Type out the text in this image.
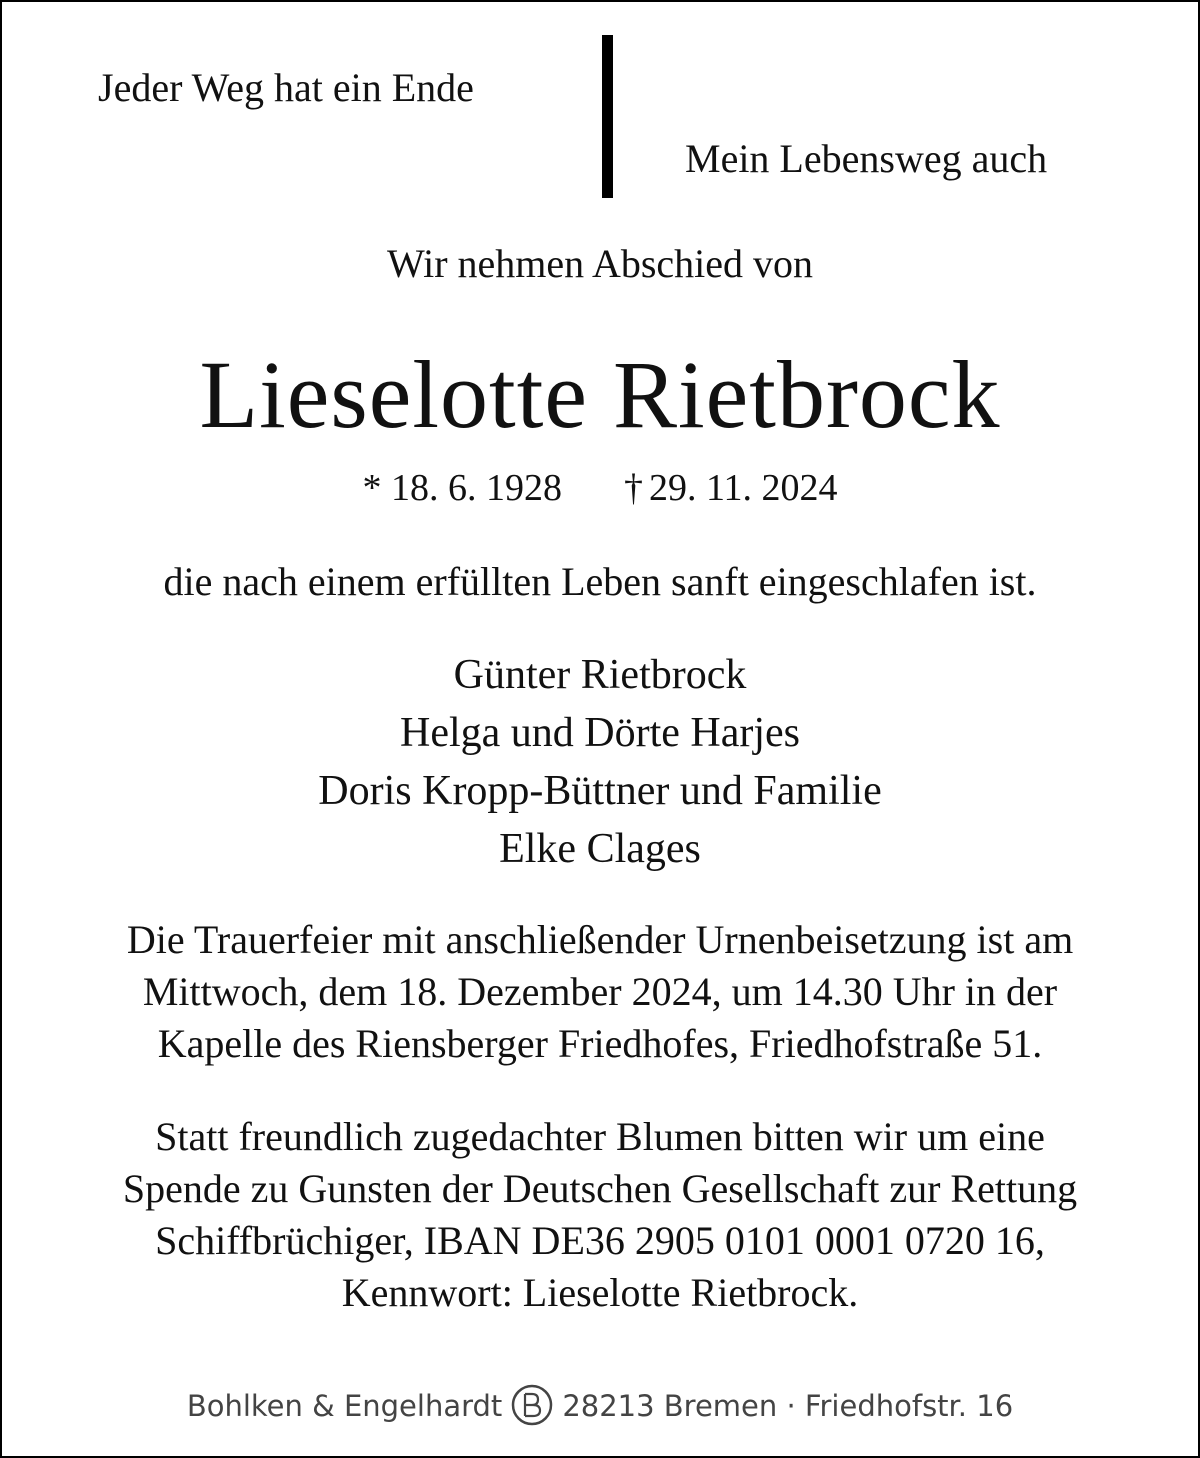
Jeder Weg hat ein Ende
Mein Lebensweg auch
Wir nehmen Abschied von
Lieselotte Rietbrock
* 18. 6. 1928 † 29. 11. 2024
die nach einem erfüllten Leben sanft eingeschlafen ist.
Günter Rietbrock
Helga und Dörte Harjes
Doris Kropp-Büttner und Familie
Elke Clages
Die Trauerfeier mit anschließender Urnenbeisetzung ist am
Mittwoch, dem 18. Dezember 2024, um 14.30 Uhr in der
Kapelle des Riensberger Friedhofes, Friedhofstraße 51.
Statt freundlich zugedachter Blumen bitten wir um eine
Spende zu Gunsten der Deutschen Gesellschaft zur Rettung
Schiffbrüchiger, IBAN DE36 2905 0101 0001 0720 16,
Kennwort: Lieselotte Rietbrock.
Bohlken & Engelhardt 28213 Bremen · Friedhofstr. 16
